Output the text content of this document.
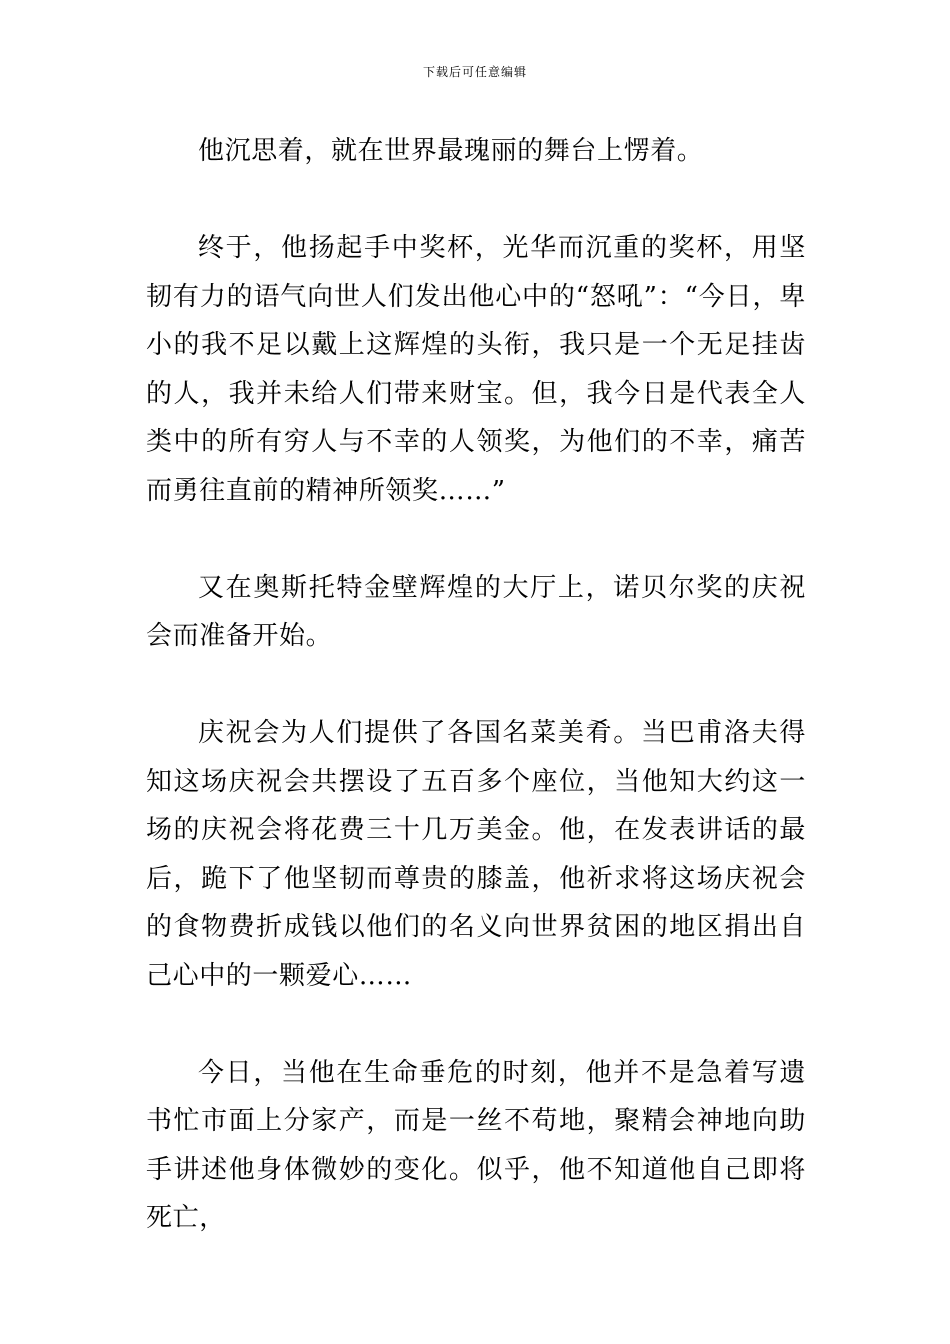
下载后可任意编辑

他沉思着，就在世界最瑰丽的舞台上愣着。

终于，他扬起手中奖杯，光华而沉重的奖杯，用坚韧有力的语气向世人们发出他心中的“怒吼”：“今日，卑小的我不足以戴上这辉煌的头衔，我只是一个无足挂齿的人，我并未给人们带来财宝。但，我今日是代表全人类中的所有穷人与不幸的人领奖，为他们的不幸，痛苦而勇往直前的精神所领奖……”

又在奥斯托特金壁辉煌的大厅上，诺贝尔奖的庆祝会而准备开始。

庆祝会为人们提供了各国名菜美肴。当巴甫洛夫得知这场庆祝会共摆设了五百多个座位，当他知大约这一场的庆祝会将花费三十几万美金。他，在发表讲话的最后，跪下了他坚韧而尊贵的膝盖，他祈求将这场庆祝会的食物费折成钱以他们的名义向世界贫困的地区捐出自己心中的一颗爱心……

今日，当他在生命垂危的时刻，他并不是急着写遗书忙市面上分家产，而是一丝不苟地，聚精会神地向助手讲述他身体微妙的变化。似乎，他不知道他自己即将死亡，
